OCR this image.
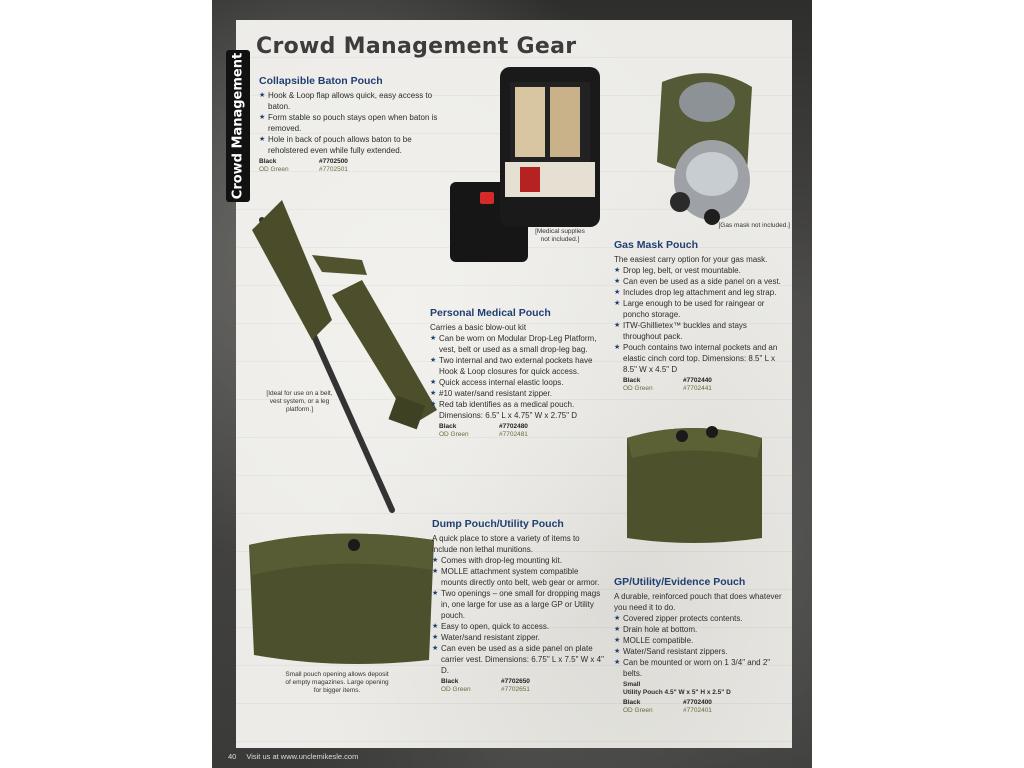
Crowd Management Gear
Crowd Management Collapsible Baton Pouch
★ Hook & Loop flap allows quick, easy access to baton.
★ Form stable so pouch stays open when baton is removed.
★ Hole in back of pouch allows baton to be reholstered even while fully extended.
Black	#7702500
OD Green	#7702501
[Ideal for use on a belt, vest system, or a leg platform.]
[Medical supplies not included.]
Personal Medical Pouch

Carries a basic blow-out kit

★ Can be worn on Modular Drop-Leg Platform, vest, belt or used as a small drop-leg bag.
★ Two internal and two external pockets have Hook & Loop closures for quick access.
★ Quick access internal elastic loops.
★ #10 water/sand resistant zipper.
★ Red tab identifies as a medical pouch. Dimensions: 6.5" L x 4.75" W x 2.75" D
Black	#7702480
OD Green	#7702481
[Gas mask not included.]
Gas Mask Pouch

The easiest carry option for your gas mask.

★ Drop leg, belt, or vest mountable.
★ Can even be used as a side panel on a vest.
★ Includes drop leg attachment and leg strap.
★ Large enough to be used for raingear or poncho storage.
★ ITW-Ghillietex™ buckles and stays throughout pack.
★ Pouch contains two internal pockets and an elastic cinch cord top. Dimensions: 8.5" L x 8.5" W x 4.5" D
Black	#7702440
OD Green	#7702441
Small pouch opening allows deposit of empty magazines. Large opening for bigger items.
Dump Pouch/Utility Pouch

A quick place to store a variety of items to include non lethal munitions.

★ Comes with drop-leg mounting kit.
★ MOLLE attachment system compatible mounts directly onto belt, web gear or armor.
★ Two openings – one small for dropping mags in, one large for use as a large GP or Utility pouch.
★ Easy to open, quick to access.
★ Water/sand resistant zipper.
★ Can even be used as a side panel on plate carrier vest. Dimensions: 6.75" L x 7.5" W x 4" D.
Black	#7702650
OD Green	#7702651
GP/Utility/Evidence Pouch

A durable, reinforced pouch that does whatever you need it to do.

★ Covered zipper protects contents.
★ Drain hole at bottom.
★ MOLLE compatible.
★ Water/Sand resistant zippers.
★ Can be mounted or worn on 1 3/4" and 2" belts.
Small
Utility Pouch 4.5" W x 5" H x 2.5" D
Black	#7702400
OD Green	#7702401
40 Visit us at www.unclemikesle.com
